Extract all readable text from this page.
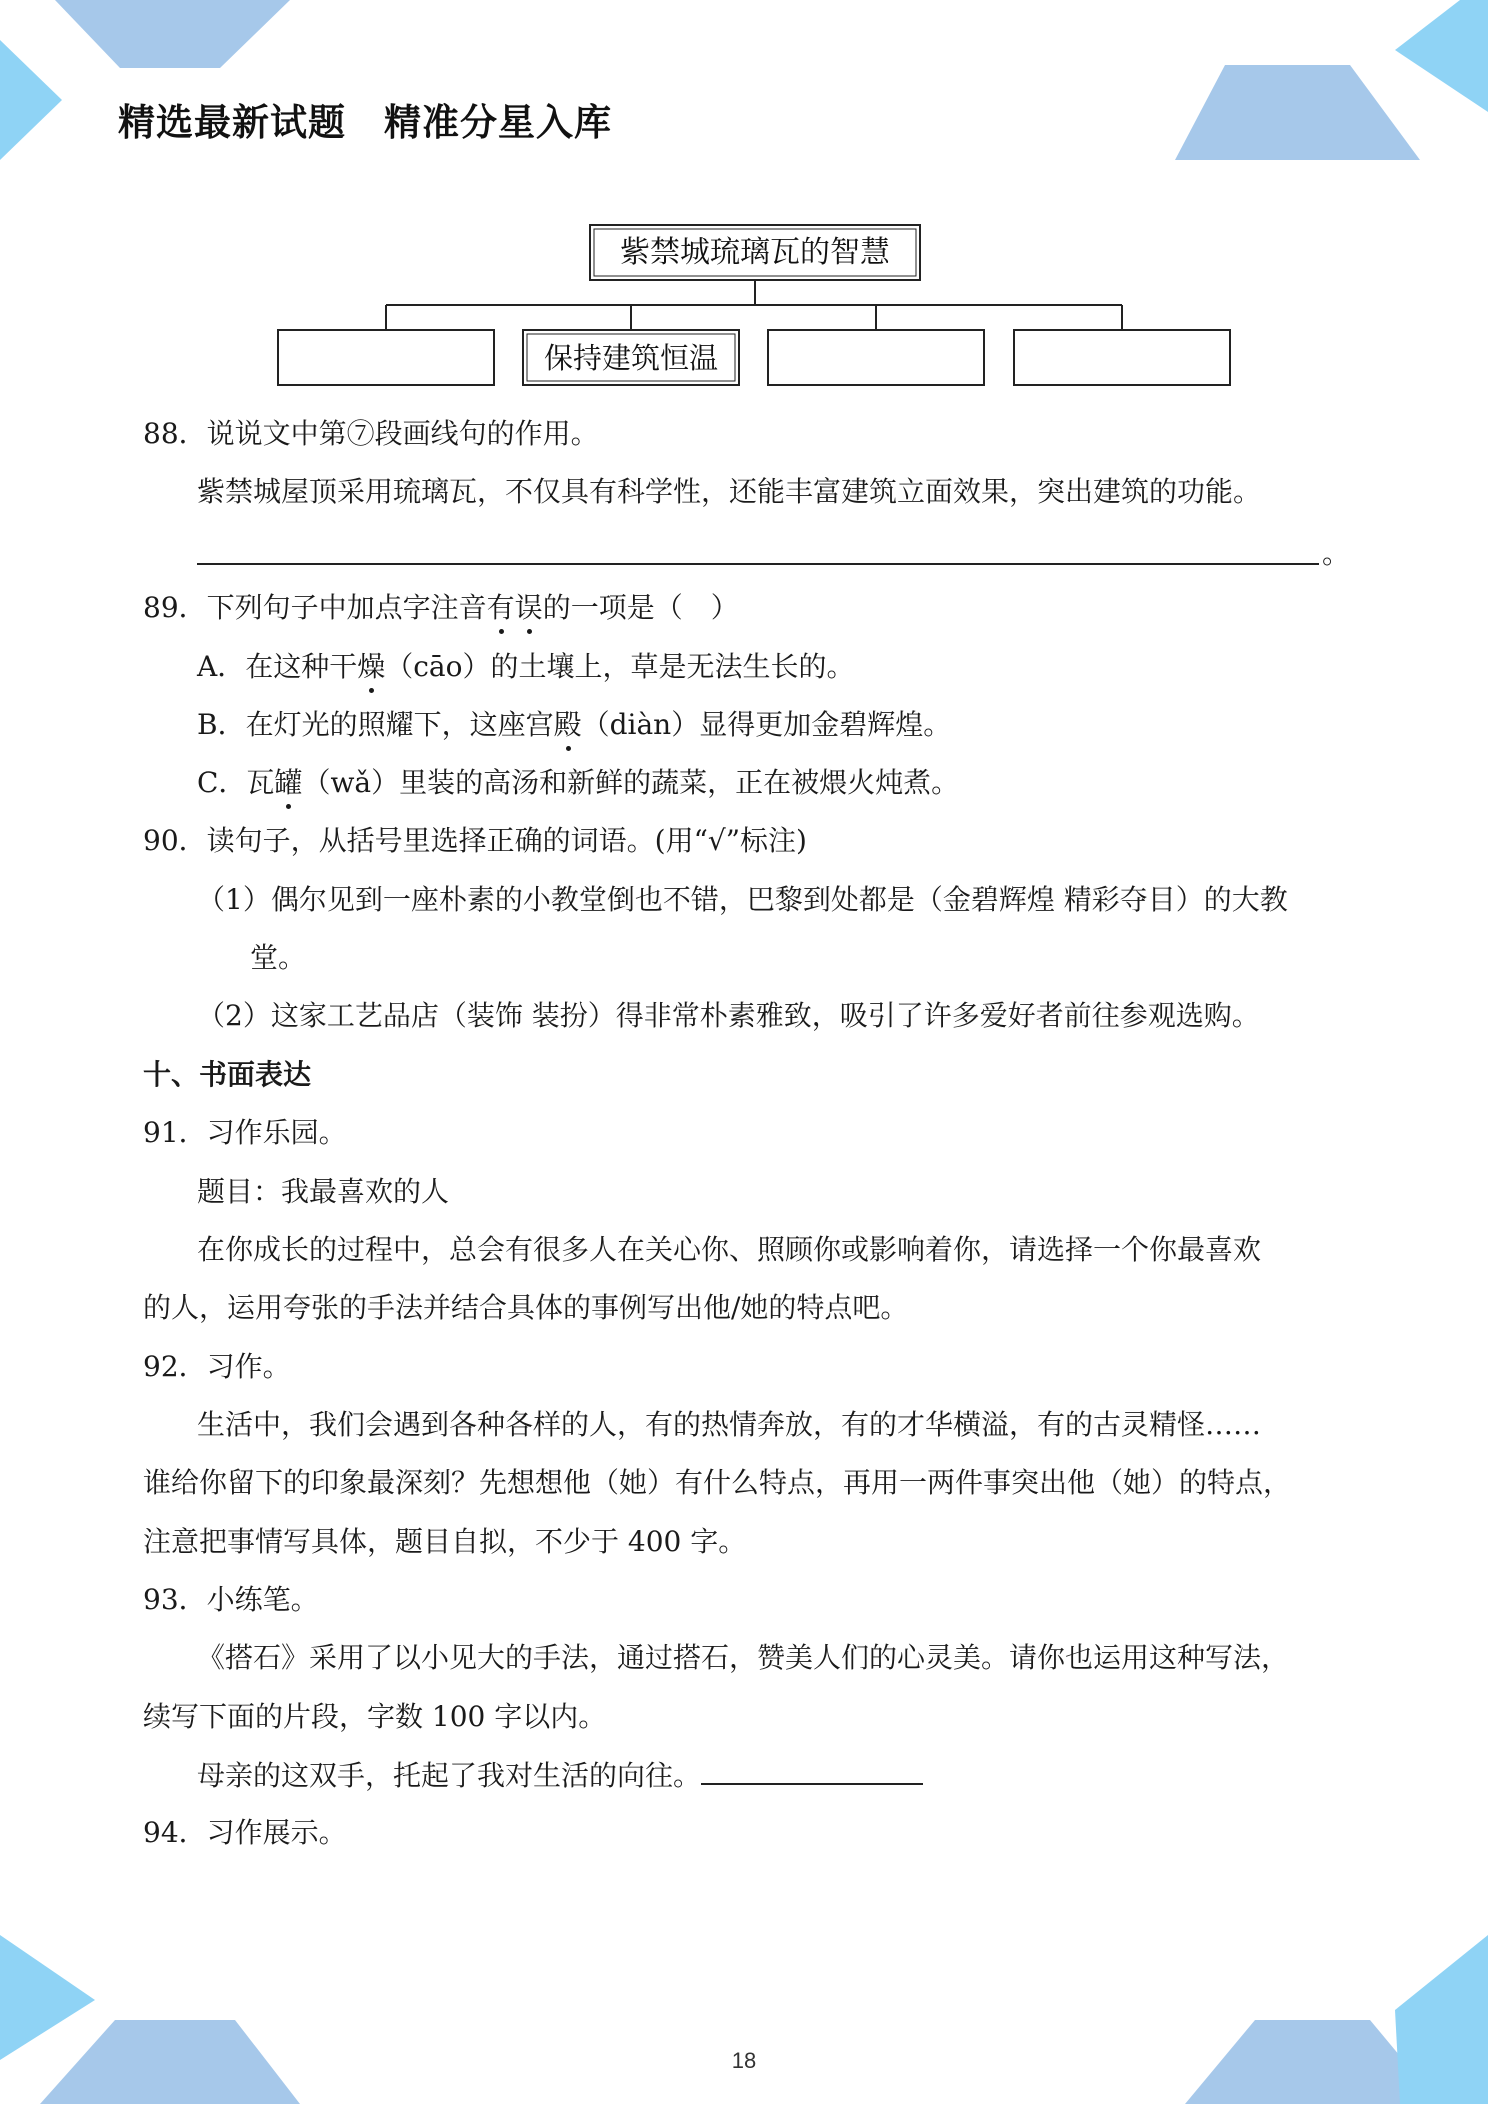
精选最新试题　精准分星入库
紫禁城琉璃瓦的智慧
保持建筑恒温
88．说说文中第⑦段画线句的作用。
紫禁城屋顶采用琉璃瓦，不仅具有科学性，还能丰富建筑立面效果，突出建筑的功能。
。
89．下列句子中加点字注音有误的一项是（　）
A．在这种干燥（cāo）的土壤上，草是无法生长的。
B．在灯光的照耀下，这座宫殿（diàn）显得更加金碧辉煌。
C．瓦罐（wǎ）里装的高汤和新鲜的蔬菜，正在被煨火炖煮。
90．读句子，从括号里选择正确的词语。(用“√”标注)
（1）偶尔见到一座朴素的小教堂倒也不错，巴黎到处都是（金碧辉煌 精彩夺目）的大教
堂。
（2）这家工艺品店（装饰 装扮）得非常朴素雅致，吸引了许多爱好者前往参观选购。
十、书面表达
91．习作乐园。
题目：我最喜欢的人
在你成长的过程中，总会有很多人在关心你、照顾你或影响着你，请选择一个你最喜欢
的人，运用夸张的手法并结合具体的事例写出他/她的特点吧。
92．习作。
生活中，我们会遇到各种各样的人，有的热情奔放，有的才华横溢，有的古灵精怪……
谁给你留下的印象最深刻？先想想他（她）有什么特点，再用一两件事突出他（她）的特点，
注意把事情写具体，题目自拟，不少于 400 字。
93．小练笔。
《搭石》采用了以小见大的手法，通过搭石，赞美人们的心灵美。请你也运用这种写法，
续写下面的片段，字数 100 字以内。
母亲的这双手，托起了我对生活的向往。
94．习作展示。
18
